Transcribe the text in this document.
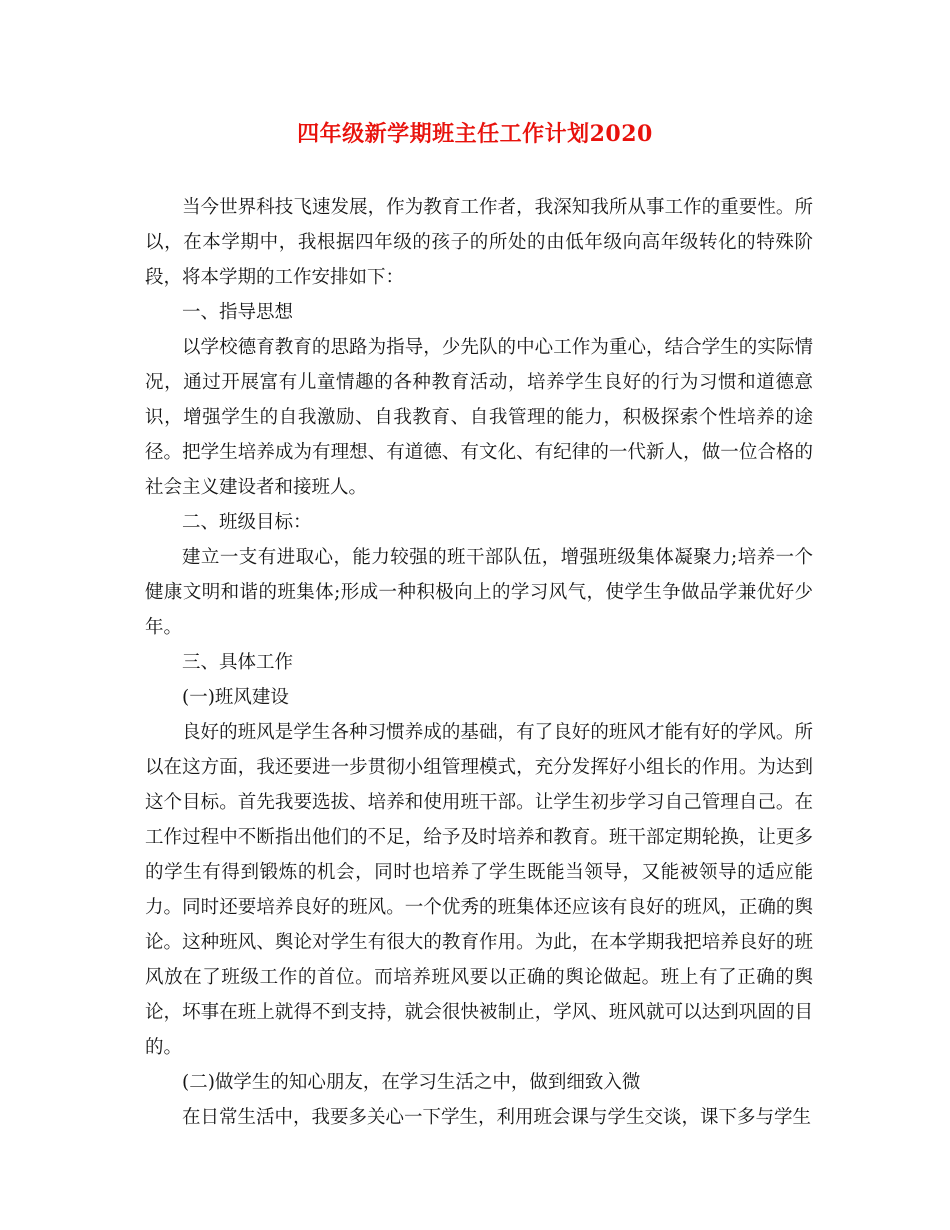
四年级新学期班主任工作计划2020

当今世界科技飞速发展，作为教育工作者，我深知我所从事工作的重要性。所以，在本学期中，我根据四年级的孩子的所处的由低年级向高年级转化的特殊阶段，将本学期的工作安排如下：

一、指导思想

以学校德育教育的思路为指导，少先队的中心工作为重心，结合学生的实际情况，通过开展富有儿童情趣的各种教育活动，培养学生良好的行为习惯和道德意识，增强学生的自我激励、自我教育、自我管理的能力，积极探索个性培养的途径。把学生培养成为有理想、有道德、有文化、有纪律的一代新人，做一位合格的社会主义建设者和接班人。

二、班级目标：

建立一支有进取心，能力较强的班干部队伍，增强班级集体凝聚力;培养一个健康文明和谐的班集体;形成一种积极向上的学习风气，使学生争做品学兼优好少年。

三、具体工作

(一)班风建设

良好的班风是学生各种习惯养成的基础，有了良好的班风才能有好的学风。所以在这方面，我还要进一步贯彻小组管理模式，充分发挥好小组长的作用。为达到这个目标。首先我要选拔、培养和使用班干部。让学生初步学习自己管理自己。在工作过程中不断指出他们的不足，给予及时培养和教育。班干部定期轮换，让更多的学生有得到锻炼的机会，同时也培养了学生既能当领导，又能被领导的适应能力。同时还要培养良好的班风。一个优秀的班集体还应该有良好的班风，正确的舆论。这种班风、舆论对学生有很大的教育作用。为此，在本学期我把培养良好的班风放在了班级工作的首位。而培养班风要以正确的舆论做起。班上有了正确的舆论，坏事在班上就得不到支持，就会很快被制止，学风、班风就可以达到巩固的目的。

(二)做学生的知心朋友，在学习生活之中，做到细致入微

在日常生活中，我要多关心一下学生，利用班会课与学生交谈，课下多与学生
